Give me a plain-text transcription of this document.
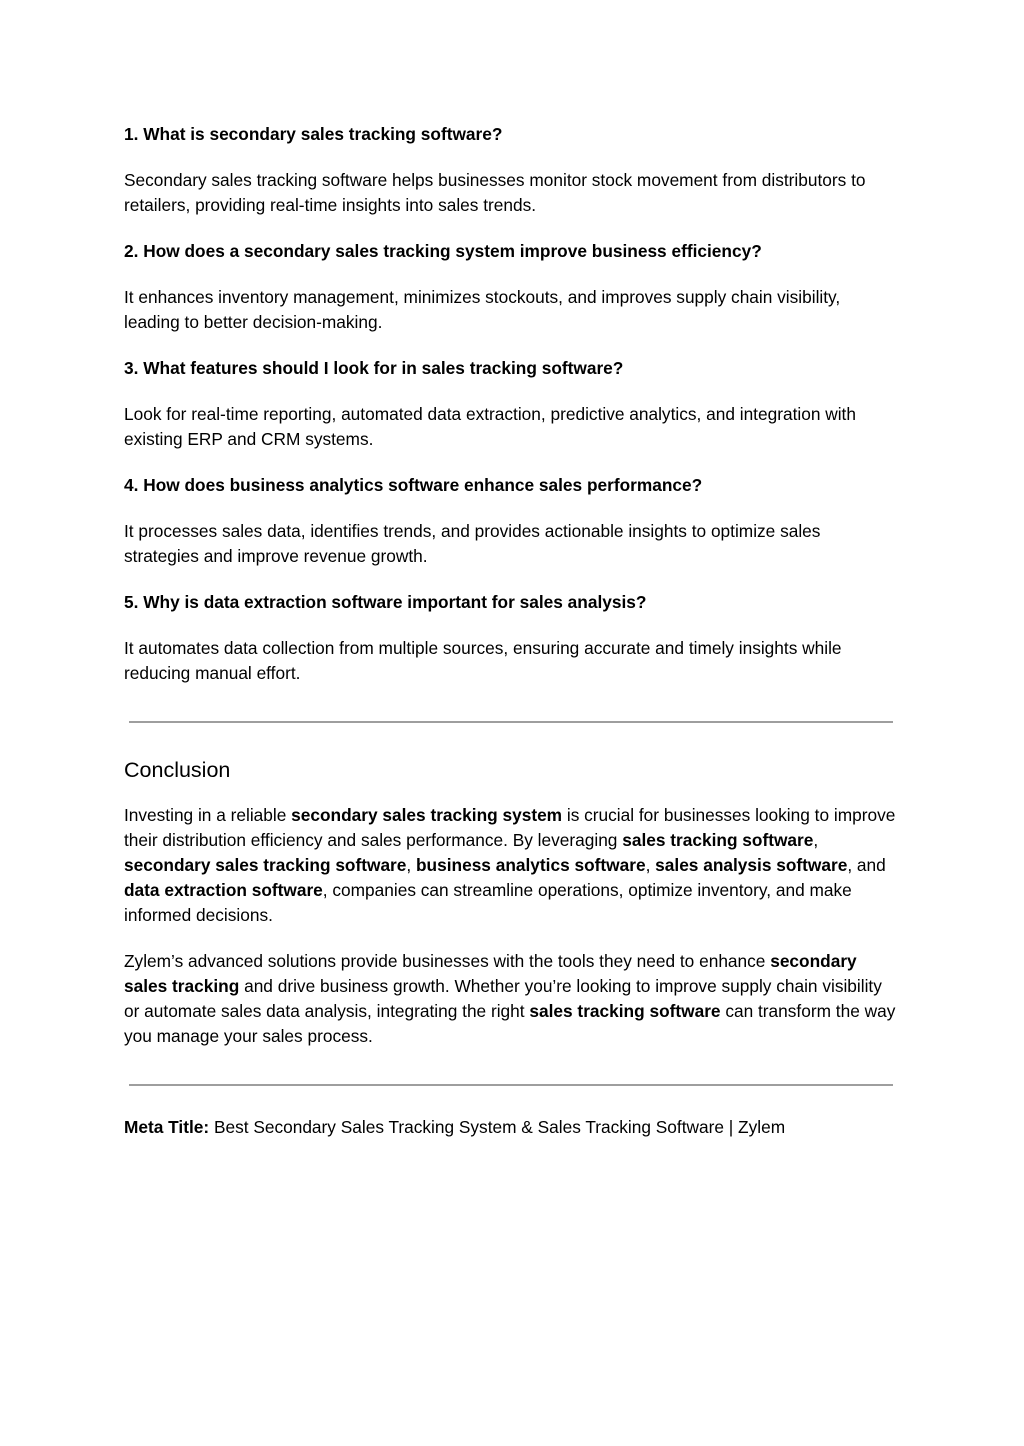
1. What is secondary sales tracking software?

Secondary sales tracking software helps businesses monitor stock movement from distributors to retailers, providing real-time insights into sales trends.

2. How does a secondary sales tracking system improve business efficiency?

It enhances inventory management, minimizes stockouts, and improves supply chain visibility, leading to better decision-making.

3. What features should I look for in sales tracking software?

Look for real-time reporting, automated data extraction, predictive analytics, and integration with existing ERP and CRM systems.

4. How does business analytics software enhance sales performance?

It processes sales data, identifies trends, and provides actionable insights to optimize sales strategies and improve revenue growth.

5. Why is data extraction software important for sales analysis?

It automates data collection from multiple sources, ensuring accurate and timely insights while reducing manual effort.

Conclusion

Investing in a reliable secondary sales tracking system is crucial for businesses looking to improve their distribution efficiency and sales performance. By leveraging sales tracking software, secondary sales tracking software, business analytics software, sales analysis software, and data extraction software, companies can streamline operations, optimize inventory, and make informed decisions.

Zylem’s advanced solutions provide businesses with the tools they need to enhance secondary sales tracking and drive business growth. Whether you’re looking to improve supply chain visibility or automate sales data analysis, integrating the right sales tracking software can transform the way you manage your sales process.

Meta Title: Best Secondary Sales Tracking System & Sales Tracking Software | Zylem
